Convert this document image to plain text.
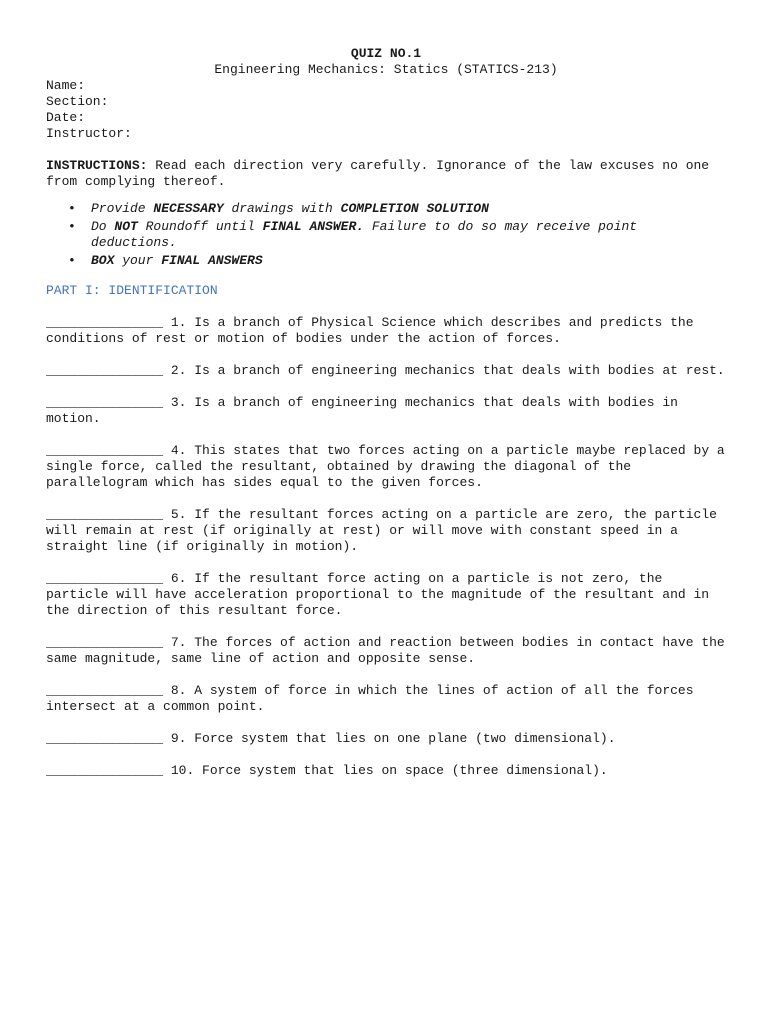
QUIZ NO.1
Engineering Mechanics: Statics (STATICS-213)
Name:
Section:
Date:
Instructor:
INSTRUCTIONS: Read each direction very carefully. Ignorance of the law excuses no one from complying thereof.
• Provide NECESSARY drawings with COMPLETION SOLUTION
• Do NOT Roundoff until FINAL ANSWER. Failure to do so may receive point deductions.
• BOX your FINAL ANSWERS
PART I: IDENTIFICATION
_______________ 1. Is a branch of Physical Science which describes and predicts the conditions of rest or motion of bodies under the action of forces.
_______________ 2. Is a branch of engineering mechanics that deals with bodies at rest.
_______________ 3. Is a branch of engineering mechanics that deals with bodies in motion.
_______________ 4. This states that two forces acting on a particle maybe replaced by a single force, called the resultant, obtained by drawing the diagonal of the parallelogram which has sides equal to the given forces.
_______________ 5. If the resultant forces acting on a particle are zero, the particle will remain at rest (if originally at rest) or will move with constant speed in a straight line (if originally in motion).
_______________ 6. If the resultant force acting on a particle is not zero, the particle will have acceleration proportional to the magnitude of the resultant and in the direction of this resultant force.
_______________ 7. The forces of action and reaction between bodies in contact have the same magnitude, same line of action and opposite sense.
_______________ 8. A system of force in which the lines of action of all the forces intersect at a common point.
_______________ 9. Force system that lies on one plane (two dimensional).
_______________ 10. Force system that lies on space (three dimensional).
